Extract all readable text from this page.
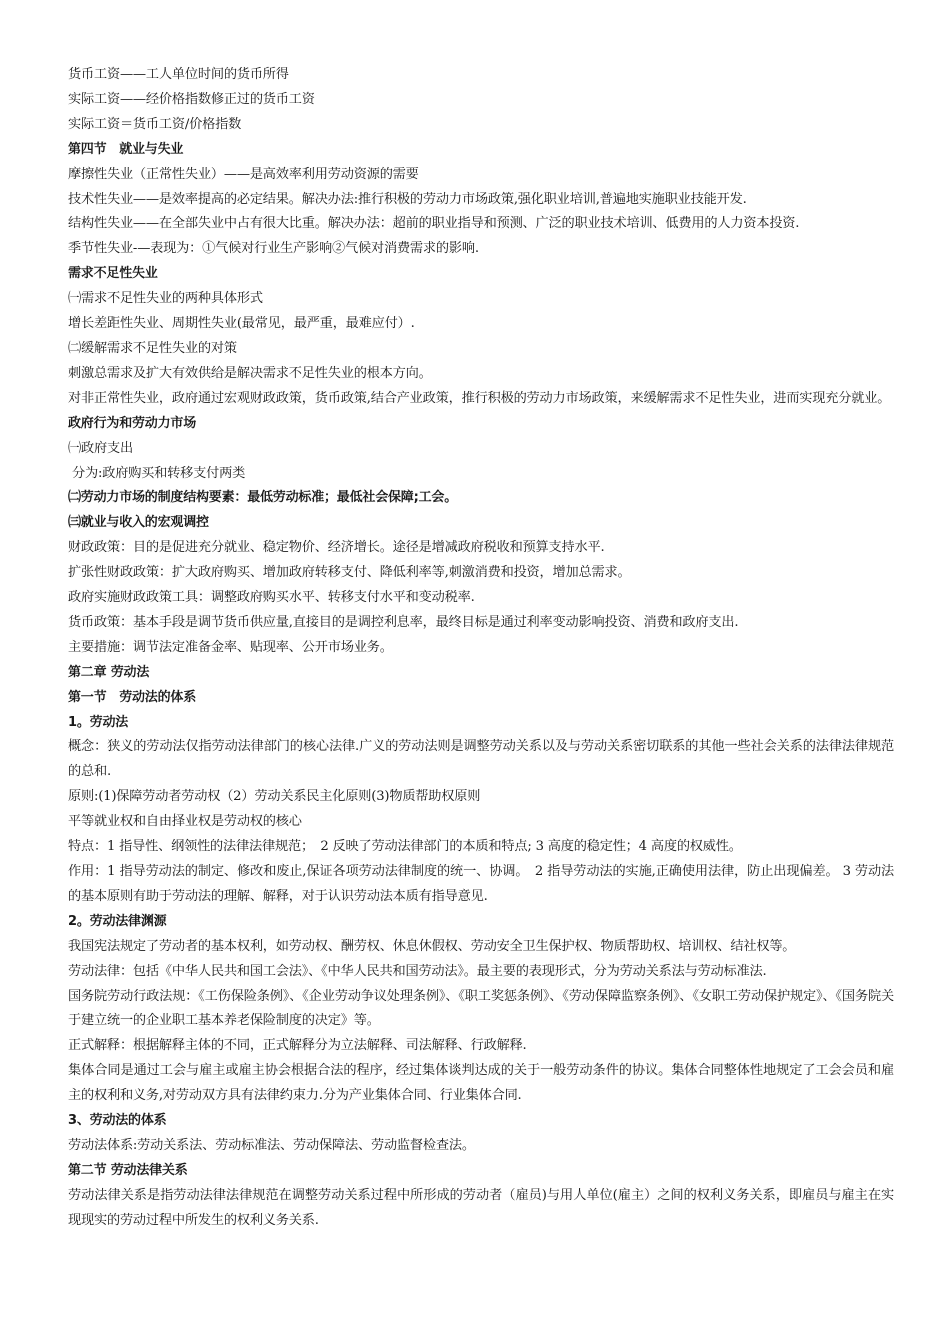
货币工资——工人单位时间的货币所得

实际工资——经价格指数修正过的货币工资

实际工资＝货币工资/价格指数

第四节　就业与失业

摩擦性失业（正常性失业）——是高效率利用劳动资源的需要

技术性失业——是效率提高的必定结果。解决办法:推行积极的劳动力市场政策,强化职业培训,普遍地实施职业技能开发.

结构性失业——在全部失业中占有很大比重。解决办法：超前的职业指导和预测、广泛的职业技术培训、低费用的人力资本投资.

季节性失业-—表现为：①气候对行业生产影响②气候对消费需求的影响.

需求不足性失业

㈠需求不足性失业的两种具体形式

增长差距性失业、周期性失业(最常见，最严重，最难应付）.

㈡缓解需求不足性失业的对策

刺激总需求及扩大有效供给是解决需求不足性失业的根本方向。

对非正常性失业，政府通过宏观财政政策，货币政策,结合产业政策，推行积极的劳动力市场政策，来缓解需求不足性失业，进而实现充分就业。

政府行为和劳动力市场

㈠政府支出

分为:政府购买和转移支付两类

㈡劳动力市场的制度结构要素：最低劳动标准；最低社会保障;工会。

㈢就业与收入的宏观调控

财政政策：目的是促进充分就业、稳定物价、经济增长。途径是增减政府税收和预算支持水平.

扩张性财政政策：扩大政府购买、增加政府转移支付、降低利率等,刺激消费和投资，增加总需求。

政府实施财政政策工具：调整政府购买水平、转移支付水平和变动税率.

货币政策：基本手段是调节货币供应量,直接目的是调控利息率，最终目标是通过利率变动影响投资、消费和政府支出.

主要措施：调节法定准备金率、贴现率、公开市场业务。

第二章 劳动法

第一节　劳动法的体系

1。劳动法

概念：狭义的劳动法仅指劳动法律部门的核心法律.广义的劳动法则是调整劳动关系以及与劳动关系密切联系的其他一些社会关系的法律法律规范的总和.

原则:(1)保障劳动者劳动权（2）劳动关系民主化原则(3)物质帮助权原则

平等就业权和自由择业权是劳动权的核心

特点：1 指导性、纲领性的法律法律规范；　2 反映了劳动法律部门的本质和特点; 3 高度的稳定性；4 高度的权威性。

作用：1 指导劳动法的制定、修改和废止,保证各项劳动法律制度的统一、协调。　2 指导劳动法的实施,正确使用法律，防止出现偏差。 3 劳动法的基本原则有助于劳动法的理解、解释，对于认识劳动法本质有指导意见.

2。劳动法律渊源

我国宪法规定了劳动者的基本权利，如劳动权、酬劳权、休息休假权、劳动安全卫生保护权、物质帮助权、培训权、结社权等。

劳动法律：包括《中华人民共和国工会法》、《中华人民共和国劳动法》。最主要的表现形式，分为劳动关系法与劳动标准法.

国务院劳动行政法规：《工伤保险条例》、《企业劳动争议处理条例》、《职工奖惩条例》、《劳动保障监察条例》、《女职工劳动保护规定》、《国务院关于建立统一的企业职工基本养老保险制度的决定》等。

正式解释：根据解释主体的不同，正式解释分为立法解释、司法解释、行政解释.

集体合同是通过工会与雇主或雇主协会根据合法的程序，经过集体谈判达成的关于一般劳动条件的协议。集体合同整体性地规定了工会会员和雇主的权利和义务,对劳动双方具有法律约束力.分为产业集体合同、行业集体合同.

3、劳动法的体系

劳动法体系:劳动关系法、劳动标准法、劳动保障法、劳动监督检查法。

第二节 劳动法律关系

劳动法律关系是指劳动法律法律规范在调整劳动关系过程中所形成的劳动者（雇员)与用人单位(雇主）之间的权利义务关系，即雇员与雇主在实现现实的劳动过程中所发生的权利义务关系.
